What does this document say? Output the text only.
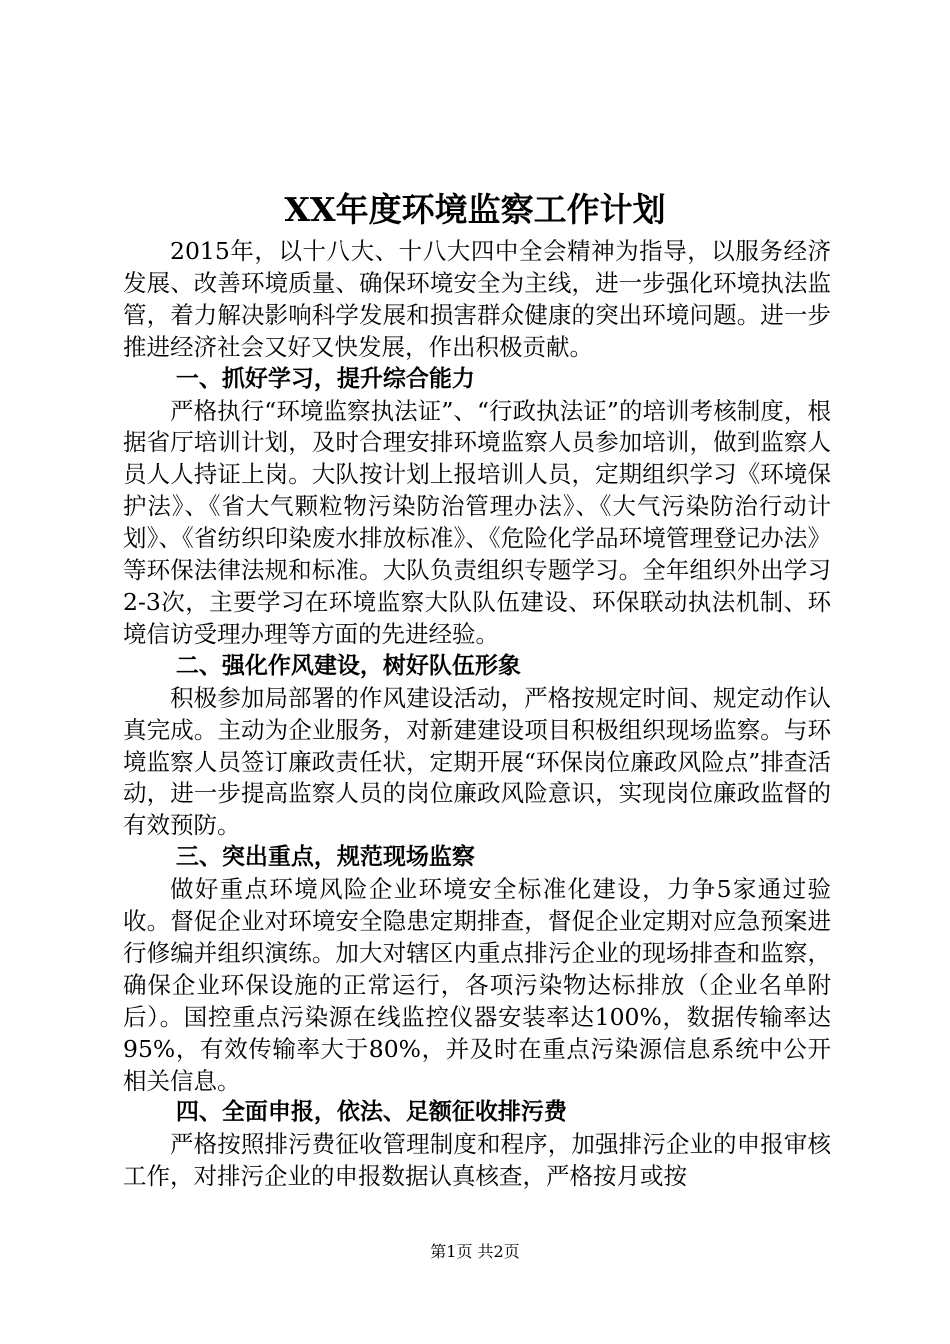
XX年度环境监察工作计划

2015年，以十八大、十八大四中全会精神为指导，以服务经济发展、改善环境质量、确保环境安全为主线，进一步强化环境执法监管，着力解决影响科学发展和损害群众健康的突出环境问题。进一步推进经济社会又好又快发展，作出积极贡献。

一、抓好学习，提升综合能力

严格执行“环境监察执法证”、“行政执法证”的培训考核制度，根据省厅培训计划，及时合理安排环境监察人员参加培训，做到监察人员人人持证上岗。大队按计划上报培训人员，定期组织学习《环境保护法》、《省大气颗粒物污染防治管理办法》、《大气污染防治行动计划》、《省纺织印染废水排放标准》、《危险化学品环境管理登记办法》等环保法律法规和标准。大队负责组织专题学习。全年组织外出学习2-3次，主要学习在环境监察大队队伍建设、环保联动执法机制、环境信访受理办理等方面的先进经验。

二、强化作风建设，树好队伍形象

积极参加局部署的作风建设活动，严格按规定时间、规定动作认真完成。主动为企业服务，对新建建设项目积极组织现场监察。与环境监察人员签订廉政责任状，定期开展“环保岗位廉政风险点”排查活动，进一步提高监察人员的岗位廉政风险意识，实现岗位廉政监督的有效预防。

三、突出重点，规范现场监察

做好重点环境风险企业环境安全标准化建设，力争5家通过验收。督促企业对环境安全隐患定期排查，督促企业定期对应急预案进行修编并组织演练。加大对辖区内重点排污企业的现场排查和监察，确保企业环保设施的正常运行，各项污染物达标排放（企业名单附后）。国控重点污染源在线监控仪器安装率达100%，数据传输率达95%，有效传输率大于80%，并及时在重点污染源信息系统中公开相关信息。

四、全面申报，依法、足额征收排污费

严格按照排污费征收管理制度和程序，加强排污企业的申报审核工作，对排污企业的申报数据认真核查，严格按月或按

第1页 共2页
